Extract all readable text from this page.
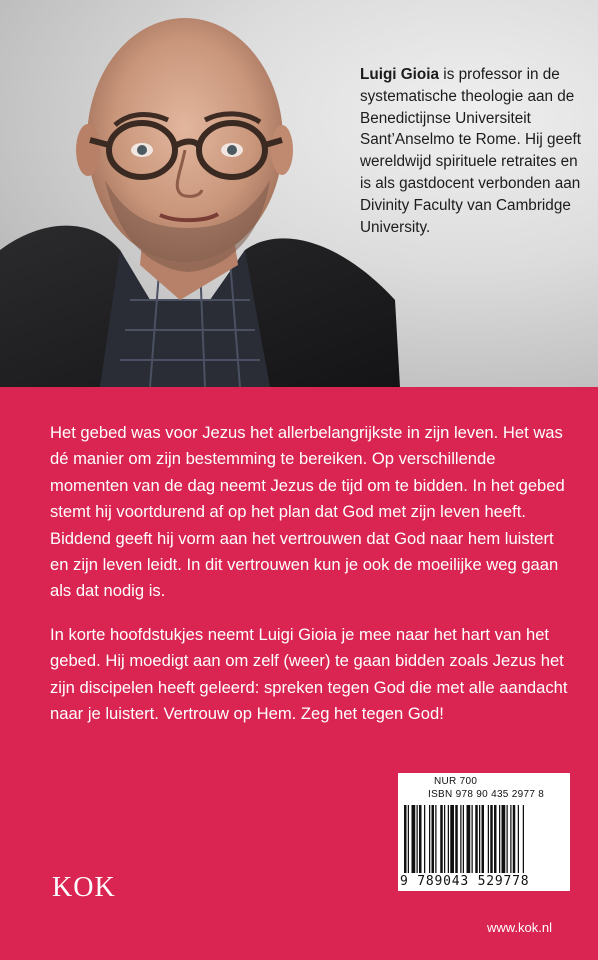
Luigi Gioia is professor in de systematische theologie aan de Benedictijnse Universiteit Sant’Anselmo te Rome. Hij geeft wereldwijd spirituele retraites en is als gastdocent verbonden aan Divinity Faculty van Cambridge University.

Het gebed was voor Jezus het allerbelangrijkste in zijn leven. Het was dé manier om zijn bestemming te bereiken. Op verschillende momenten van de dag neemt Jezus de tijd om te bidden. In het gebed stemt hij voortdurend af op het plan dat God met zijn leven heeft. Biddend geeft hij vorm aan het vertrouwen dat God naar hem luistert en zijn leven leidt. In dit vertrouwen kun je ook de moeilijke weg gaan als dat nodig is.

In korte hoofdstukjes neemt Luigi Gioia je mee naar het hart van het gebed. Hij moedigt aan om zelf (weer) te gaan bidden zoals Jezus het zijn discipelen heeft geleerd: spreken tegen God die met alle aandacht naar je luistert. Vertrouw op Hem. Zeg het tegen God!

NUR 700
ISBN 978 90 435 2977 8
9 789043 529778
KOK
www.kok.nl
